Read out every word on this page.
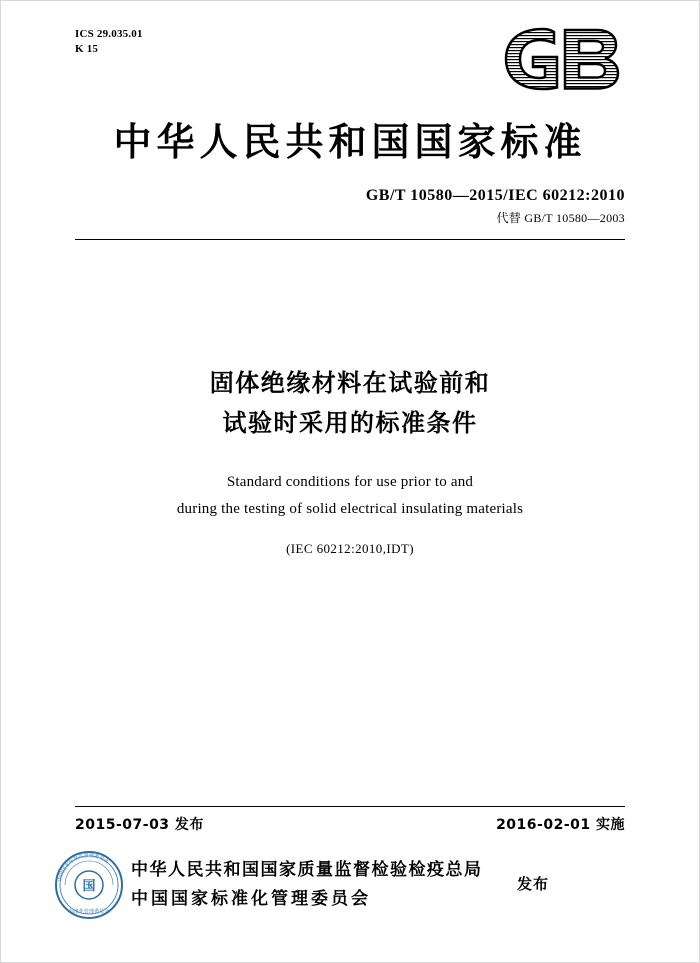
ICS 29.035.01
K 15
中华人民共和国国家标准
GB/T 10580—2015/IEC 60212:2010
代替 GB/T 10580—2003
固体绝缘材料在试验前和
试验时采用的标准条件
Standard conditions for use prior to and
during the testing of solid electrical insulating materials
(IEC 60212:2010,IDT)
2015-07-03 发布	2016-02-01 实施
国
中国国家标准化管理委员会
标准化管理委员会
中华人民共和国国家质量监督检验检疫总局
中国国家标准化管理委员会
发布
